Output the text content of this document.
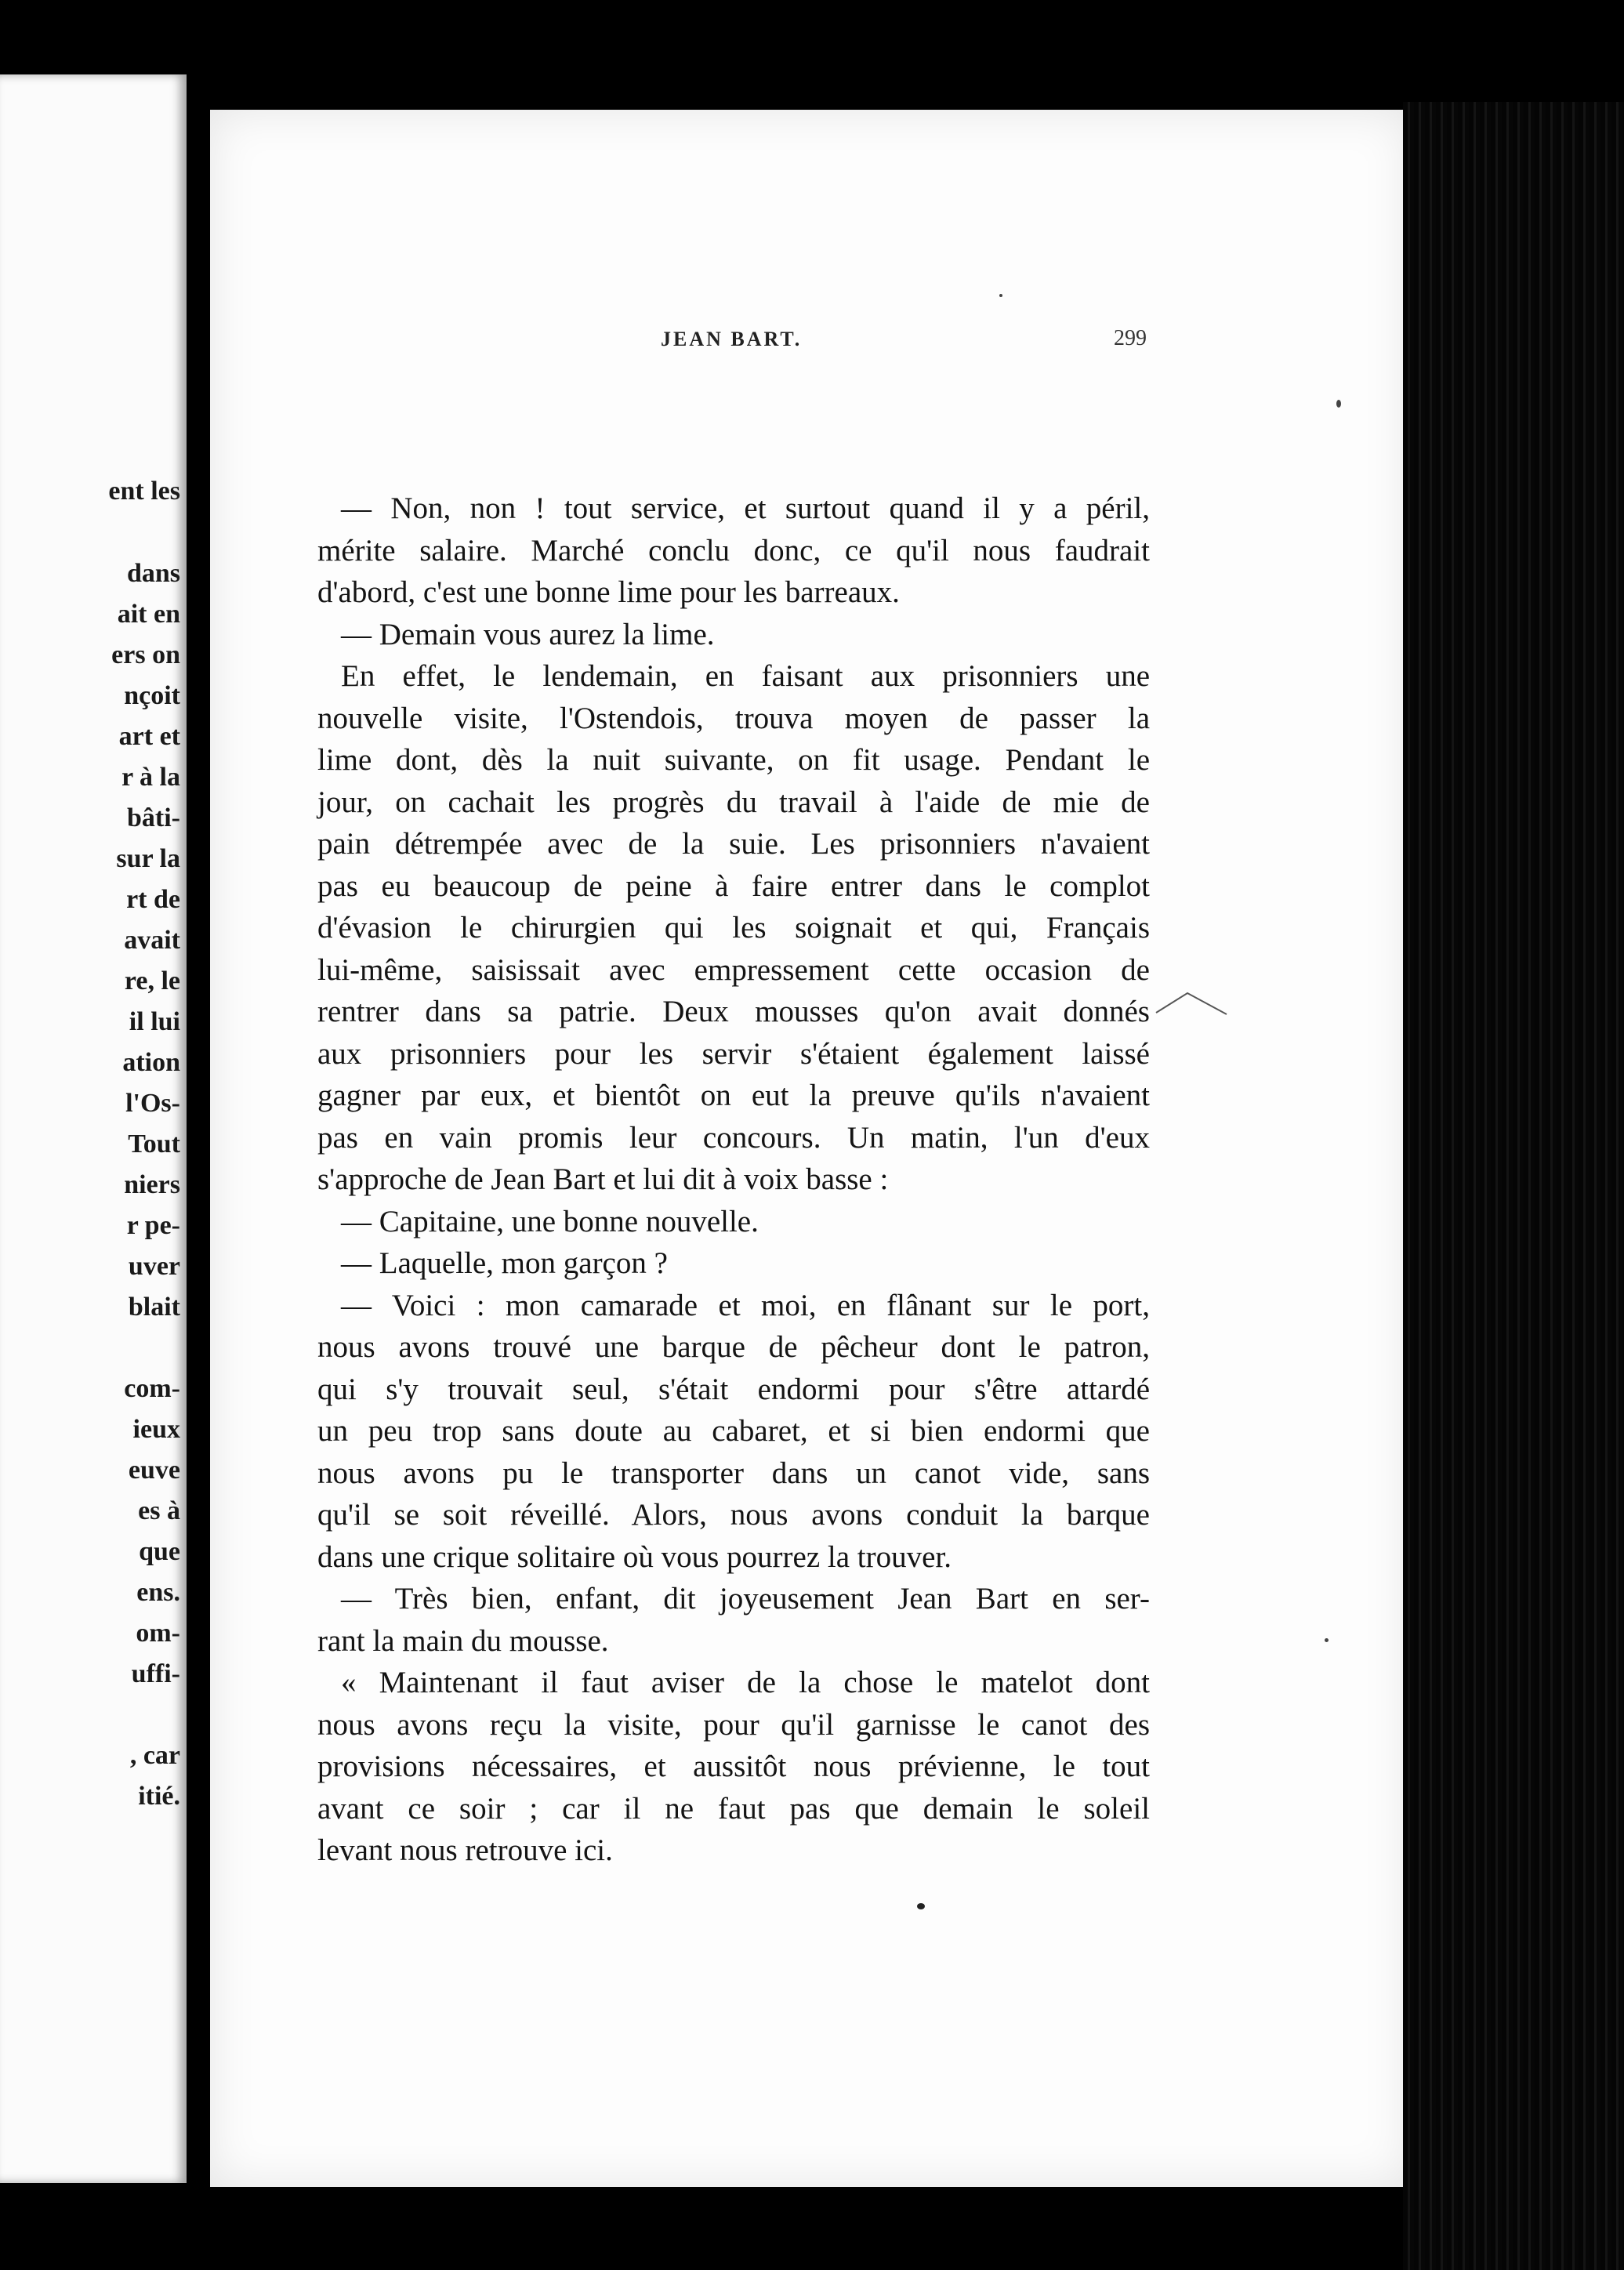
ent les
dans
ait en
ers on
nçoit
art et
r à la
bâti-
sur la
rt de
avait
re, le
il lui
ation
l'Os-
Tout
niers
r pe-
uver
blait
com-
ieux
euve
es à
que
ens.
om-
uffi-
, car
itié.
JEAN BART.	299
— Non, non ! tout service, et surtout quand il y a péril,
mérite salaire. Marché conclu donc, ce qu'il nous faudrait
d'abord, c'est une bonne lime pour les barreaux.
— Demain vous aurez la lime.
En effet, le lendemain, en faisant aux prisonniers une
nouvelle visite, l'Ostendois, trouva moyen de passer la
lime dont, dès la nuit suivante, on fit usage. Pendant le
jour, on cachait les progrès du travail à l'aide de mie de
pain détrempée avec de la suie. Les prisonniers n'avaient
pas eu beaucoup de peine à faire entrer dans le complot
d'évasion le chirurgien qui les soignait et qui, Français
lui-même, saisissait avec empressement cette occasion de
rentrer dans sa patrie. Deux mousses qu'on avait donnés
aux prisonniers pour les servir s'étaient également laissé
gagner par eux, et bientôt on eut la preuve qu'ils n'avaient
pas en vain promis leur concours. Un matin, l'un d'eux
s'approche de Jean Bart et lui dit à voix basse :
— Capitaine, une bonne nouvelle.
— Laquelle, mon garçon ?
— Voici : mon camarade et moi, en flânant sur le port,
nous avons trouvé une barque de pêcheur dont le patron,
qui s'y trouvait seul, s'était endormi pour s'être attardé
un peu trop sans doute au cabaret, et si bien endormi que
nous avons pu le transporter dans un canot vide, sans
qu'il se soit réveillé. Alors, nous avons conduit la barque
dans une crique solitaire où vous pourrez la trouver.
— Très bien, enfant, dit joyeusement Jean Bart en ser-
rant la main du mousse.
« Maintenant il faut aviser de la chose le matelot dont
nous avons reçu la visite, pour qu'il garnisse le canot des
provisions nécessaires, et aussitôt nous prévienne, le tout
avant ce soir ; car il ne faut pas que demain le soleil
levant nous retrouve ici.
